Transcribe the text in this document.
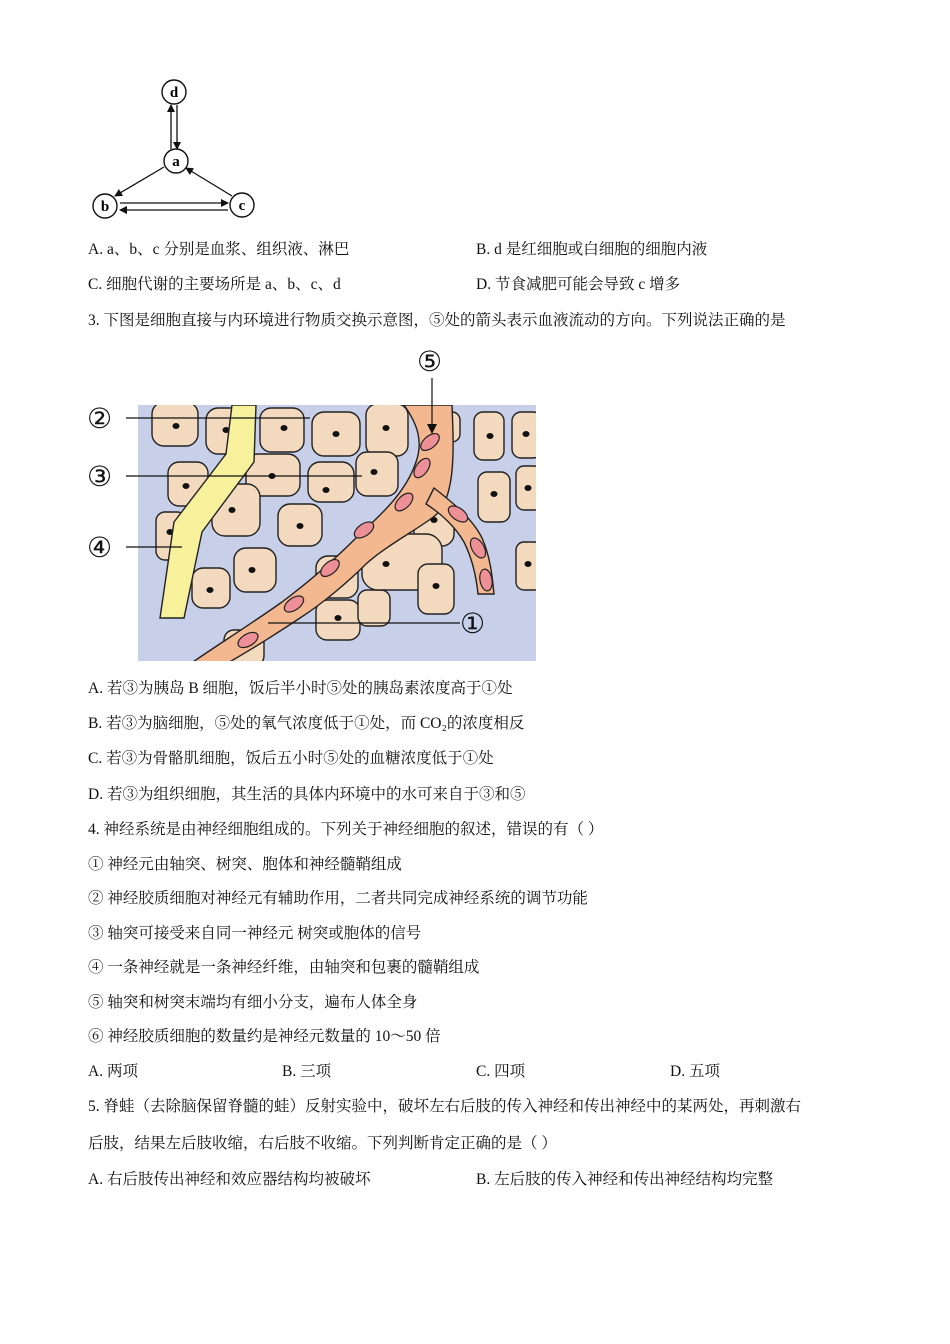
d
a
b	c
A. a、b、c 分别是血浆、组织液、淋巴	B. d 是红细胞或白细胞的细胞内液
C. 细胞代谢的主要场所是 a、b、c、d	D. 节食减肥可能会导致 c 增多
3. 下图是细胞直接与内环境进行物质交换示意图，⑤处的箭头表示血液流动的方向。下列说法正确的是
②
③
④
①
⑤
A. 若③为胰岛 B 细胞，饭后半小时⑤处的胰岛素浓度高于①处
B. 若③为脑细胞，⑤处的氧气浓度低于①处，而 CO₂的浓度相反
C. 若③为骨骼肌细胞，饭后五小时⑤处的血糖浓度低于①处
D. 若③为组织细胞，其生活的具体内环境中的水可来自于③和⑤
4. 神经系统是由神经细胞组成的。下列关于神经细胞的叙述，错误的有（ ）
① 神经元由轴突、树突、胞体和神经髓鞘组成
② 神经胶质细胞对神经元有辅助作用，二者共同完成神经系统的调节功能
③ 轴突可接受来自同一神经元 树突或胞体的信号
④ 一条神经就是一条神经纤维，由轴突和包裹的髓鞘组成
⑤ 轴突和树突末端均有细小分支，遍布人体全身
⑥ 神经胶质细胞的数量约是神经元数量的 10～50 倍
A. 两项	B. 三项	C. 四项	D. 五项
5. 脊蛙（去除脑保留脊髓的蛙）反射实验中，破坏左右后肢的传入神经和传出神经中的某两处，再刺激右
后肢，结果左后肢收缩，右后肢不收缩。下列判断肯定正确的是（ ）
A. 右后肢传出神经和效应器结构均被破坏	B. 左后肢的传入神经和传出神经结构均完整
